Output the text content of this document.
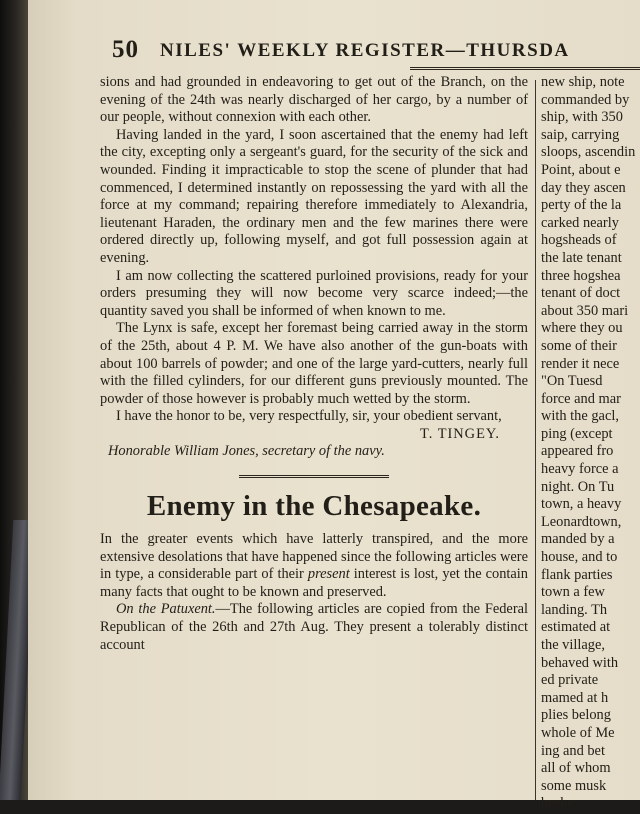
50 NILES' WEEKLY REGISTER—THURSDA

sions and had grounded in endeavoring to get out of the Branch, on the evening of the 24th was nearly discharged of her cargo, by a number of our people, without connexion with each other.

Having landed in the yard, I soon ascertained that the enemy had left the city, excepting only a sergeant's guard, for the security of the sick and wounded. Finding it impracticable to stop the scene of plunder that had commenced, I determined instantly on repossessing the yard with all the force at my command; repairing therefore immediately to Alexandria, lieutenant Haraden, the ordinary men and the few marines there were ordered directly up, following myself, and got full possession again at evening.

I am now collecting the scattered purloined provisions, ready for your orders presuming they will now become very scarce indeed;—the quantity saved you shall be informed of when known to me.

The Lynx is safe, except her foremast being carried away in the storm of the 25th, about 4 P. M. We have also another of the gun-boats with about 100 barrels of powder; and one of the large yard-cutters, nearly full with the filled cylinders, for our different guns previously mounted. The powder of those however is probably much wetted by the storm.

I have the honor to be, very respectfully, sir, your obedient servant,

T. TINGEY.

Honorable William Jones, secretary of the navy.

Enemy in the Chesapeake.

In the greater events which have latterly transpired, and the more extensive desolations that have happened since the following articles were in type, a considerable part of their present interest is lost, yet the contain many facts that ought to be known and preserved.

On the Patuxent.—The following articles are copied from the Federal Republican of the 26th and 27th Aug. They present a tolerably distinct account

new ship, note

commanded by

ship, with 350

saip, carrying

sloops, ascendin

Point, about e

day they ascen

perty of the la

carked nearly

hogsheads of

the late tenant

three hogshea

tenant of doct

about 350 mari

where they ou

some of their

render it nece

"On Tuesd

force and mar

with the gacl,

ping (except

appeared fro

heavy force a

night. On Tu

town, a heavy

Leonardtown,

manded by a

house, and to

flank parties

town a few

landing. Th

estimated at

the village,

behaved with

ed private

mamed at h

plies belong

whole of Me

ing and bet

all of whom

some musk

broke
